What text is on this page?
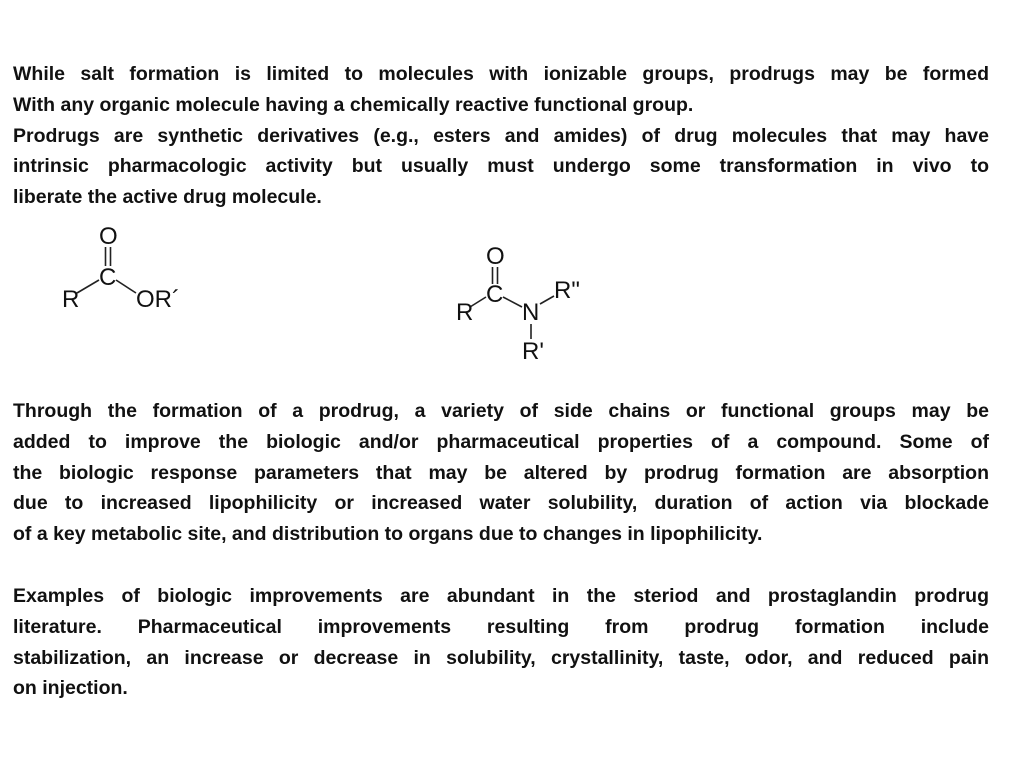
While salt formation is limited to molecules with ionizable groups, prodrugs may be formed
With any organic molecule having a chemically reactive functional group.
Prodrugs are synthetic derivatives (e.g., esters and amides) of drug molecules that may have
intrinsic pharmacologic activity but usually must undergo some transformation in vivo to
liberate the active drug molecule.
O
C
R OR´
O
C
R N
R"
R'
Through the formation of a prodrug, a variety of side chains or functional groups may be
added to improve the biologic and/or pharmaceutical properties of a compound. Some of
the biologic response parameters that may be altered by prodrug formation are absorption
due to increased lipophilicity or increased water solubility, duration of action via blockade
of a key metabolic site, and distribution to organs due to changes in lipophilicity.
Examples of biologic improvements are abundant in the steriod and prostaglandin prodrug
literature. Pharmaceutical improvements resulting from prodrug formation include
stabilization, an increase or decrease in solubility, crystallinity, taste, odor, and reduced pain
on injection.
